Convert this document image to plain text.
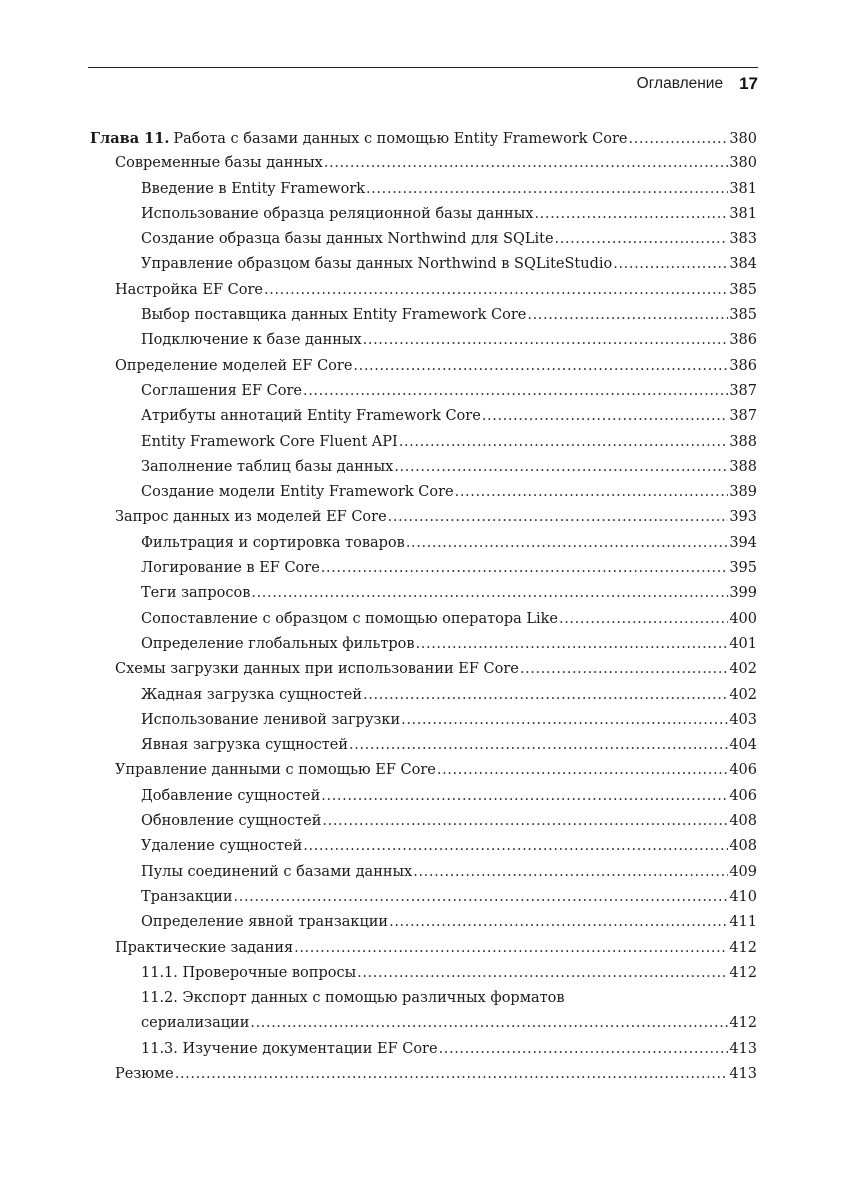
Оглавление 17
Глава 11. Работа с базами данных с помощью Entity Framework Core .....	380
Современные базы данных .....	380
Введение в Entity Framework .....	381
Использование образца реляционной базы данных .....	381
Создание образца базы данных Northwind для SQLite .....	383
Управление образцом базы данных Northwind в SQLiteStudio .....	384
Настройка EF Core .....	385
Выбор поставщика данных Entity Framework Core .....	385
Подключение к базе данных .....	386
Определение моделей EF Core .....	386
Соглашения EF Core .....	387
Атрибуты аннотаций Entity Framework Core .....	387
Entity Framework Core Fluent API .....	388
Заполнение таблиц базы данных .....	388
Создание модели Entity Framework Core .....	389
Запрос данных из моделей EF Core .....	393
Фильтрация и сортировка товаров .....	394
Логирование в EF Core .....	395
Теги запросов .....	399
Сопоставление с образцом с помощью оператора Like .....	400
Определение глобальных фильтров .....	401
Схемы загрузки данных при использовании EF Core .....	402
Жадная загрузка сущностей .....	402
Использование ленивой загрузки .....	403
Явная загрузка сущностей .....	404
Управление данными с помощью EF Core .....	406
Добавление сущностей .....	406
Обновление сущностей .....	408
Удаление сущностей .....	408
Пулы соединений с базами данных .....	409
Транзакции .....	410
Определение явной транзакции .....	411
Практические задания .....	412
11.1. Проверочные вопросы .....	412
11.2. Экспорт данных с помощью различных форматов
сериализации .....	412
11.3. Изучение документации EF Core .....	413
Резюме .....	413
